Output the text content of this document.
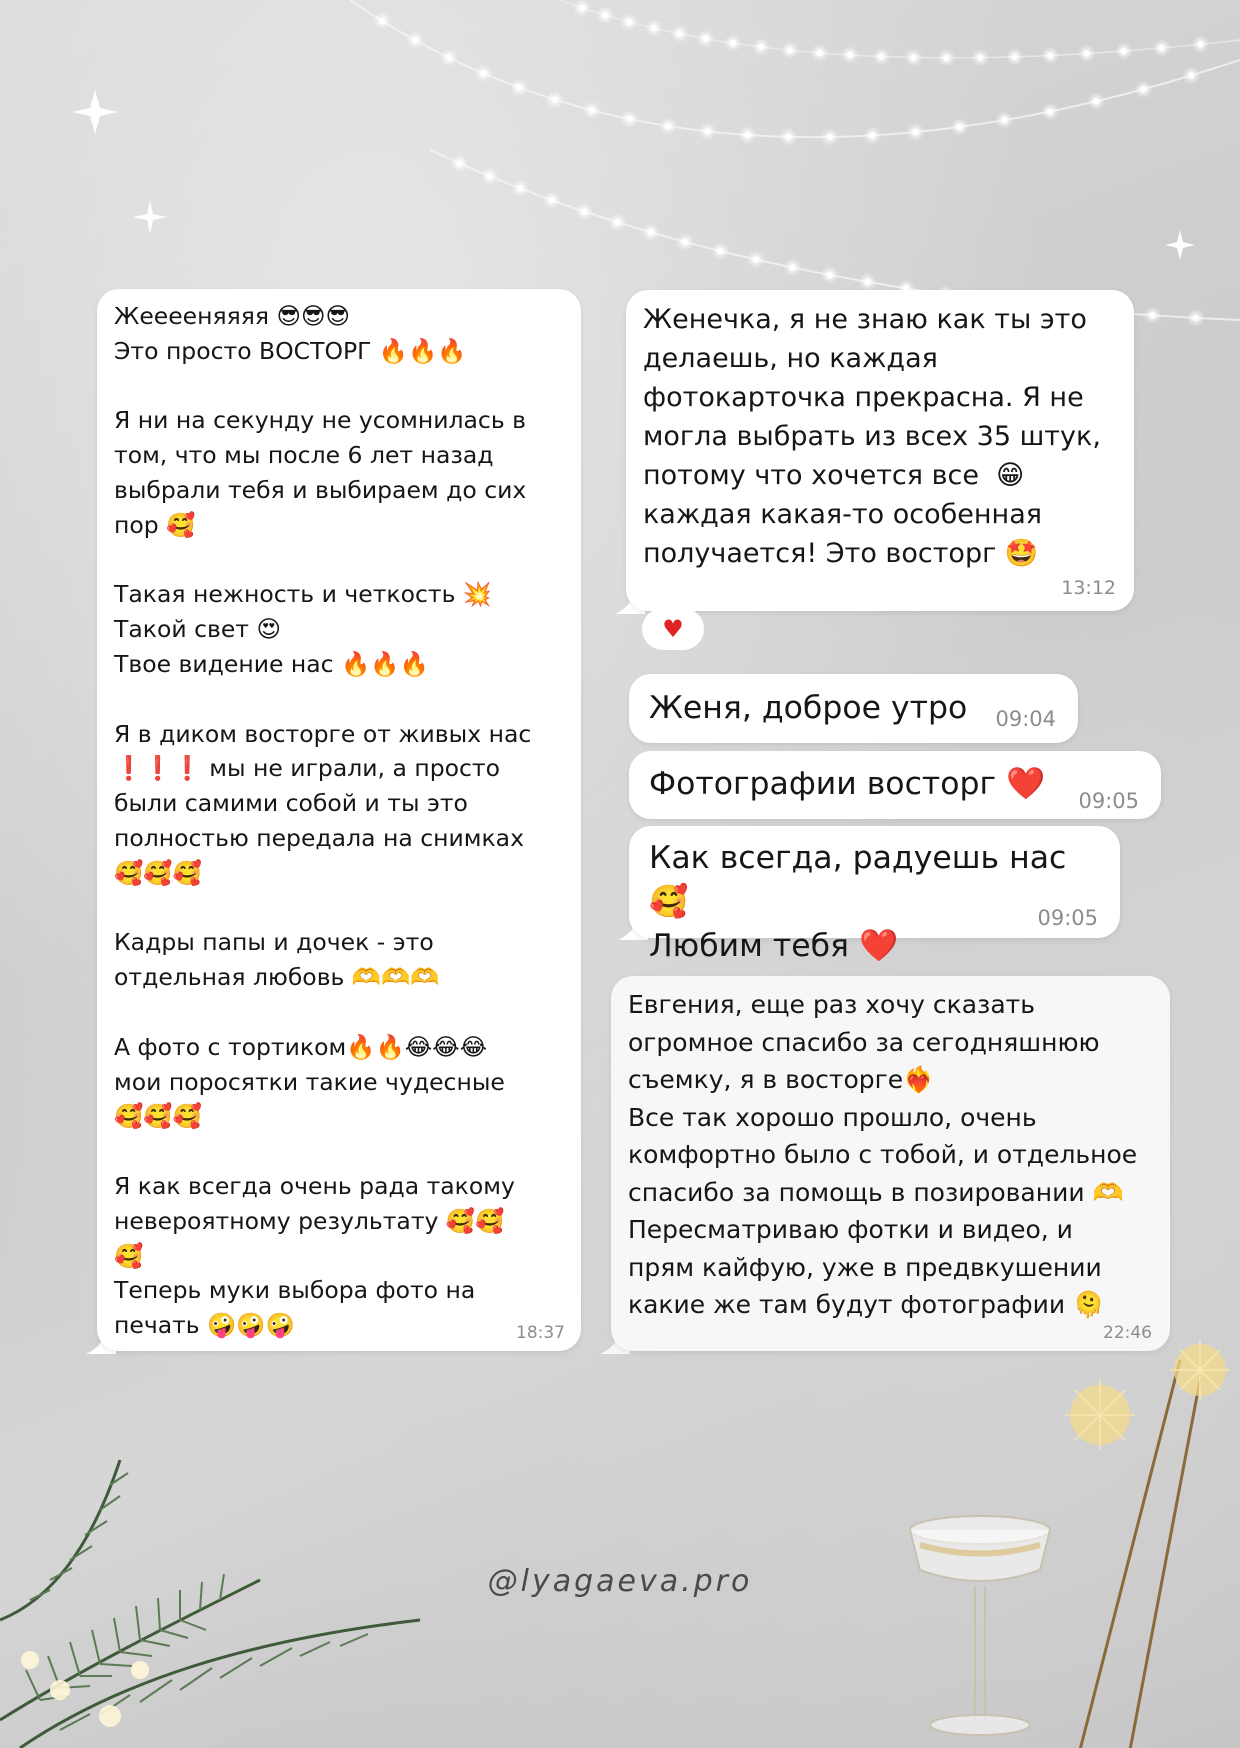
Жееееняяяя 😎😎😎
Это просто ВОСТОРГ 🔥🔥🔥

Я ни на секунду не усомнилась в
том, что мы после 6 лет назад
выбрали тебя и выбираем до сих
пор 🥰

Такая нежность и четкость 💥
Такой свет 😍
Твое видение нас 🔥🔥🔥

Я в диком восторге от живых нас
❗❗❗ мы не играли, а просто
были самими собой и ты это
полностью передала на снимках
🥰🥰🥰

Кадры папы и дочек - это
отдельная любовь 🫶🫶🫶

А фото с тортиком🔥🔥😂😂😂
мои поросятки такие чудесные
🥰🥰🥰

Я как всегда очень рада такому
невероятному результату 🥰🥰
🥰
Теперь муки выбора фото на
печать 🤪🤪🤪	18:37
Женечка, я не знаю как ты это
делаешь, но каждая
фотокарточка прекрасна. Я не
могла выбрать из всех 35 штук,
потому что хочется все  😁
каждая какая-то особенная
получается! Это восторг 🤩
13:12
♥
Женя, доброе утро	09:04
Фотографии восторг ❤️	09:05
Как всегда, радуешь нас🥰
Любим тебя ❤️
09:05
Евгения, еще раз хочу сказать
огромное спасибо за сегодняшнюю
съемку, я в восторге❤️‍🔥
Все так хорошо прошло, очень
комфортно было с тобой, и отдельное
спасибо за помощь в позировании 🫶
Пересматриваю фотки и видео, и
прям кайфую, уже в предвкушении
какие же там будут фотографии 🫠
22:46
@lyagaeva.pro
